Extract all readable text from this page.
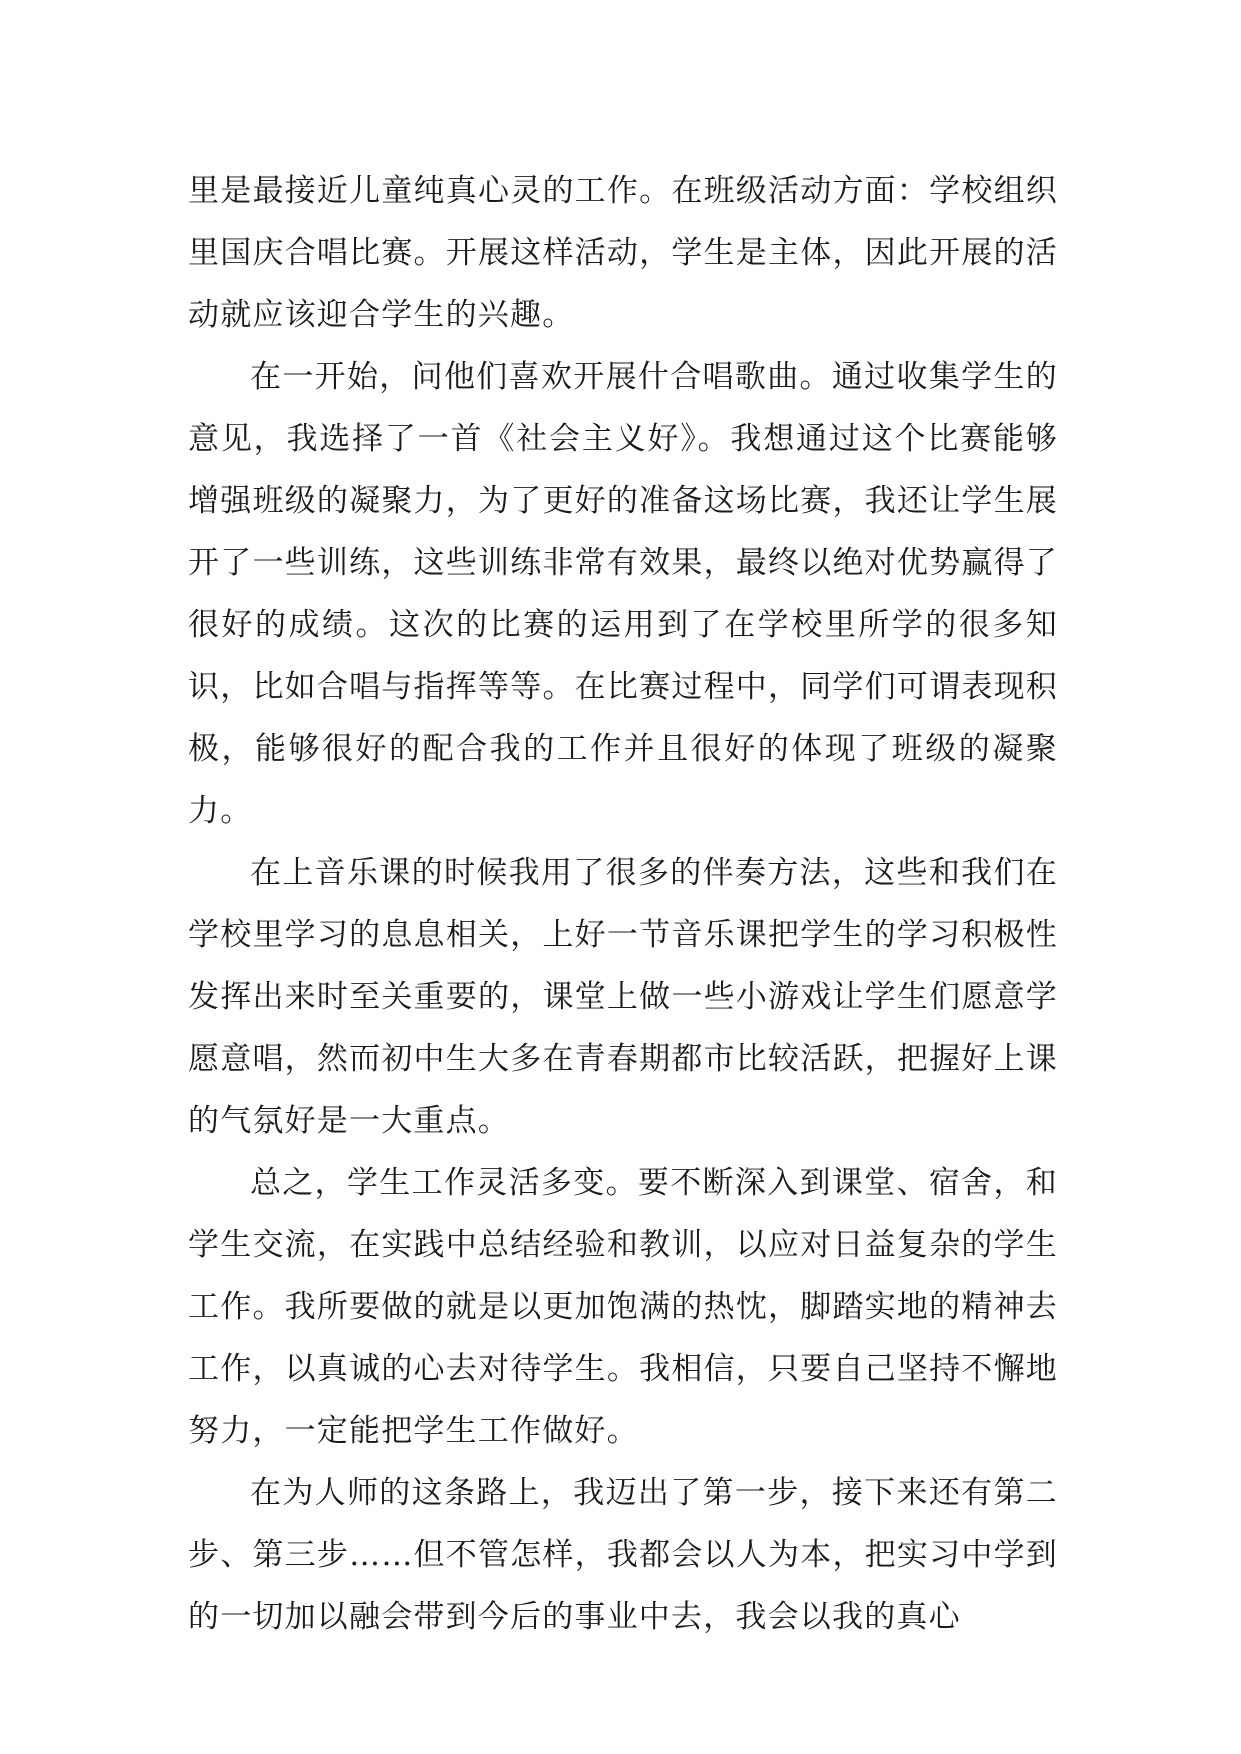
里是最接近儿童纯真心灵的工作。在班级活动方面：学校组织里国庆合唱比赛。开展这样活动，学生是主体，因此开展的活动就应该迎合学生的兴趣。

在一开始，问他们喜欢开展什合唱歌曲。通过收集学生的意见，我选择了一首《社会主义好》。我想通过这个比赛能够增强班级的凝聚力，为了更好的准备这场比赛，我还让学生展开了一些训练，这些训练非常有效果，最终以绝对优势赢得了很好的成绩。这次的比赛的运用到了在学校里所学的很多知识，比如合唱与指挥等等。在比赛过程中，同学们可谓表现积极，能够很好的配合我的工作并且很好的体现了班级的凝聚力。

在上音乐课的时候我用了很多的伴奏方法，这些和我们在学校里学习的息息相关，上好一节音乐课把学生的学习积极性发挥出来时至关重要的，课堂上做一些小游戏让学生们愿意学愿意唱，然而初中生大多在青春期都市比较活跃，把握好上课的气氛好是一大重点。

总之，学生工作灵活多变。要不断深入到课堂、宿舍，和学生交流，在实践中总结经验和教训，以应对日益复杂的学生工作。我所要做的就是以更加饱满的热忱，脚踏实地的精神去工作，以真诚的心去对待学生。我相信，只要自己坚持不懈地努力，一定能把学生工作做好。

在为人师的这条路上，我迈出了第一步，接下来还有第二步、第三步……但不管怎样，我都会以人为本，把实习中学到的一切加以融会带到今后的事业中去，我会以我的真心
